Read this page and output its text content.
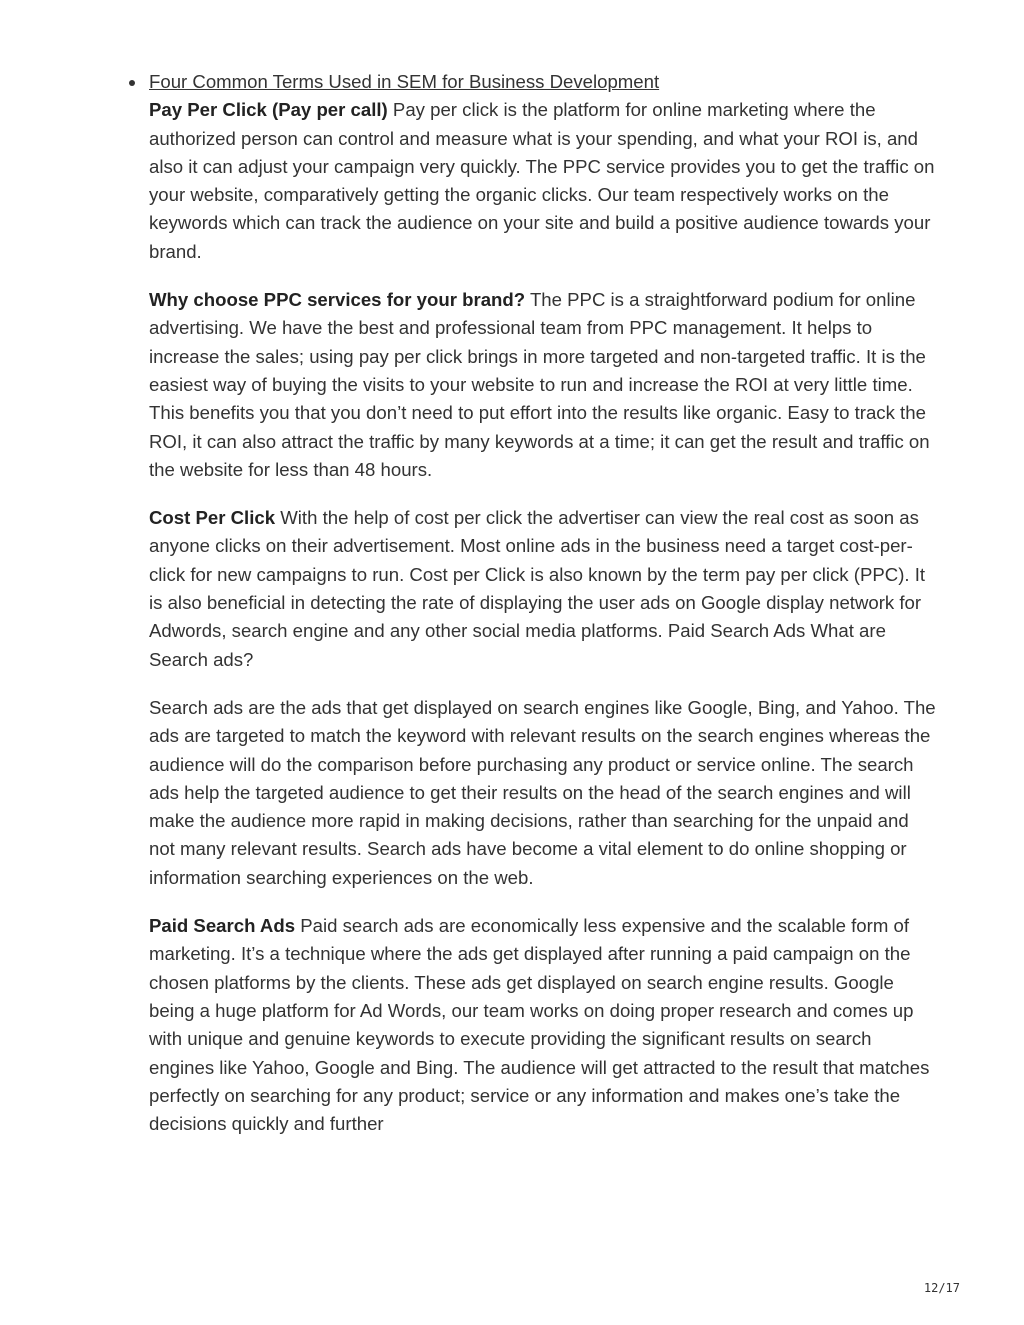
Four Common Terms Used in SEM for Business Development

Pay Per Click (Pay per call) Pay per click is the platform for online marketing where the authorized person can control and measure what is your spending, and what your ROI is, and also it can adjust your campaign very quickly. The PPC service provides you to get the traffic on your website, comparatively getting the organic clicks. Our team respectively works on the keywords which can track the audience on your site and build a positive audience towards your brand.

Why choose PPC services for your brand? The PPC is a straightforward podium for online advertising. We have the best and professional team from PPC management. It helps to increase the sales; using pay per click brings in more targeted and non-targeted traffic. It is the easiest way of buying the visits to your website to run and increase the ROI at very little time. This benefits you that you don’t need to put effort into the results like organic. Easy to track the ROI, it can also attract the traffic by many keywords at a time; it can get the result and traffic on the website for less than 48 hours.

Cost Per Click With the help of cost per click the advertiser can view the real cost as soon as anyone clicks on their advertisement. Most online ads in the business need a target cost-per-click for new campaigns to run. Cost per Click is also known by the term pay per click (PPC). It is also beneficial in detecting the rate of displaying the user ads on Google display network for Adwords, search engine and any other social media platforms. Paid Search Ads What are Search ads?

Search ads are the ads that get displayed on search engines like Google, Bing, and Yahoo. The ads are targeted to match the keyword with relevant results on the search engines whereas the audience will do the comparison before purchasing any product or service online. The search ads help the targeted audience to get their results on the head of the search engines and will make the audience more rapid in making decisions, rather than searching for the unpaid and not many relevant results. Search ads have become a vital element to do online shopping or information searching experiences on the web.

Paid Search Ads Paid search ads are economically less expensive and the scalable form of marketing. It’s a technique where the ads get displayed after running a paid campaign on the chosen platforms by the clients. These ads get displayed on search engine results. Google being a huge platform for Ad Words, our team works on doing proper research and comes up with unique and genuine keywords to execute providing the significant results on search engines like Yahoo, Google and Bing. The audience will get attracted to the result that matches perfectly on searching for any product; service or any information and makes one’s take the decisions quickly and further

12/17
